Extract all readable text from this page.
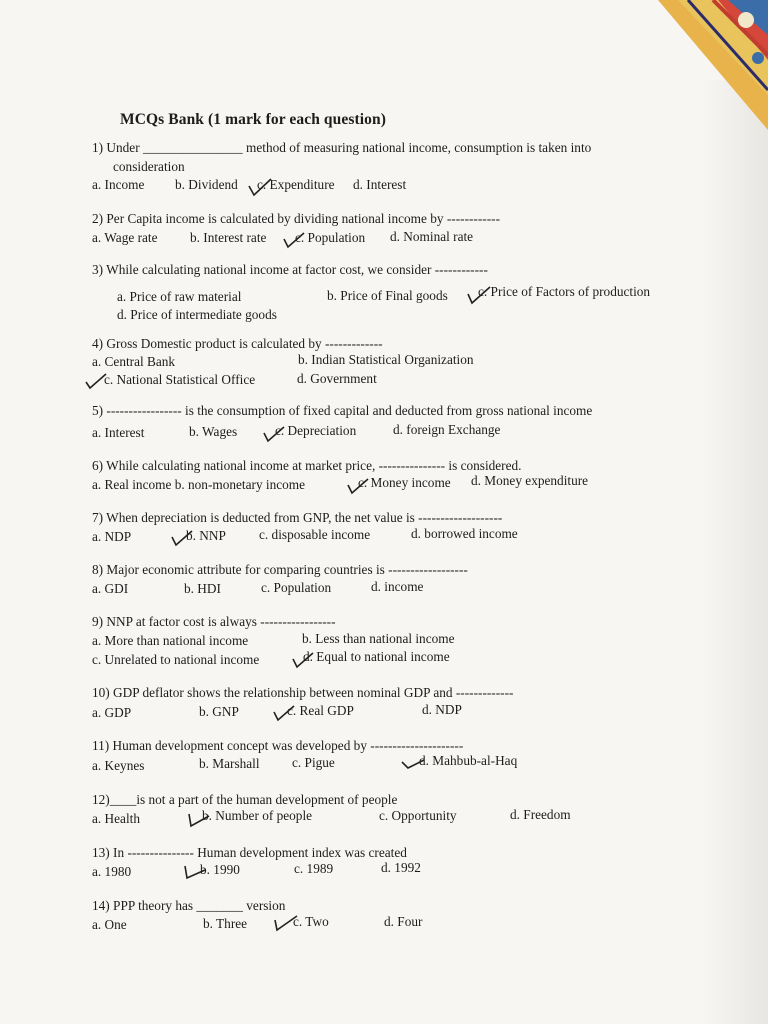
MCQs Bank (1 mark for each question)
1) Under _______________ method of measuring national income, consumption is taken into
consideration
a. Income b. Dividend c. Expenditure d. Interest
2) Per Capita income is calculated by dividing national income by ------------
a. Wage rate b. Interest rate c. Population d. Nominal rate
3) While calculating national income at factor cost, we consider ------------
a. Price of raw material	b. Price of Final goods c. Price of Factors of production
d. Price of intermediate goods
4) Gross Domestic product is calculated by -------------
a. Central Bank	b. Indian Statistical Organization
c. National Statistical Office	d. Government
5) ----------------- is the consumption of fixed capital and deducted from gross national income
a. Interest	b. Wages	c. Depreciation	d. foreign Exchange
6) While calculating national income at market price, --------------- is considered.
a. Real income b. non-monetary income	c. Money income d. Money expenditure
7) When depreciation is deducted from GNP, the net value is -------------------
a. NDP	b. NNP c. disposable income	d. borrowed income
8) Major economic attribute for comparing countries is ------------------
a. GDI	b. HDI	c. Population	d. income
9) NNP at factor cost is always -----------------
a. More than national income	b. Less than national income
c. Unrelated to national income	d. Equal to national income
10) GDP deflator shows the relationship between nominal GDP and -------------
a. GDP	b. GNP	c. Real GDP	d. NDP
11) Human development concept was developed by ---------------------
a. Keynes	b. Marshall c. Pigue	d. Mahbub-al-Haq
12)____is not a part of the human development of people
a. Health	b. Number of people	c. Opportunity	d. Freedom
13) In --------------- Human development index was created
a. 1980	b. 1990	c. 1989	d. 1992
14) PPP theory has _______ version
a. One	b. Three	c. Two	d. Four
